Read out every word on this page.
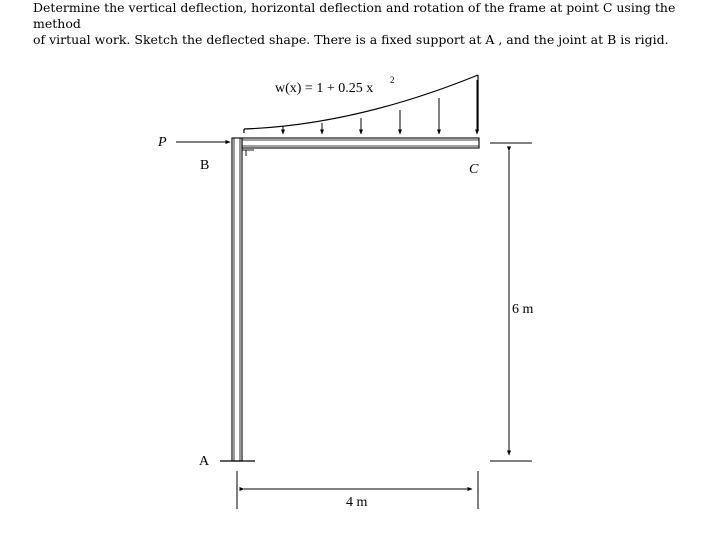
Determine the vertical deflection, horizontal deflection and rotation of the frame at point C using the method
of virtual work. Sketch the deflected shape. There is a fixed support at A , and the joint at B is rigid.
w(x) = 1 + 0.25 x
2
P
B	C
A
6 m
4 m
